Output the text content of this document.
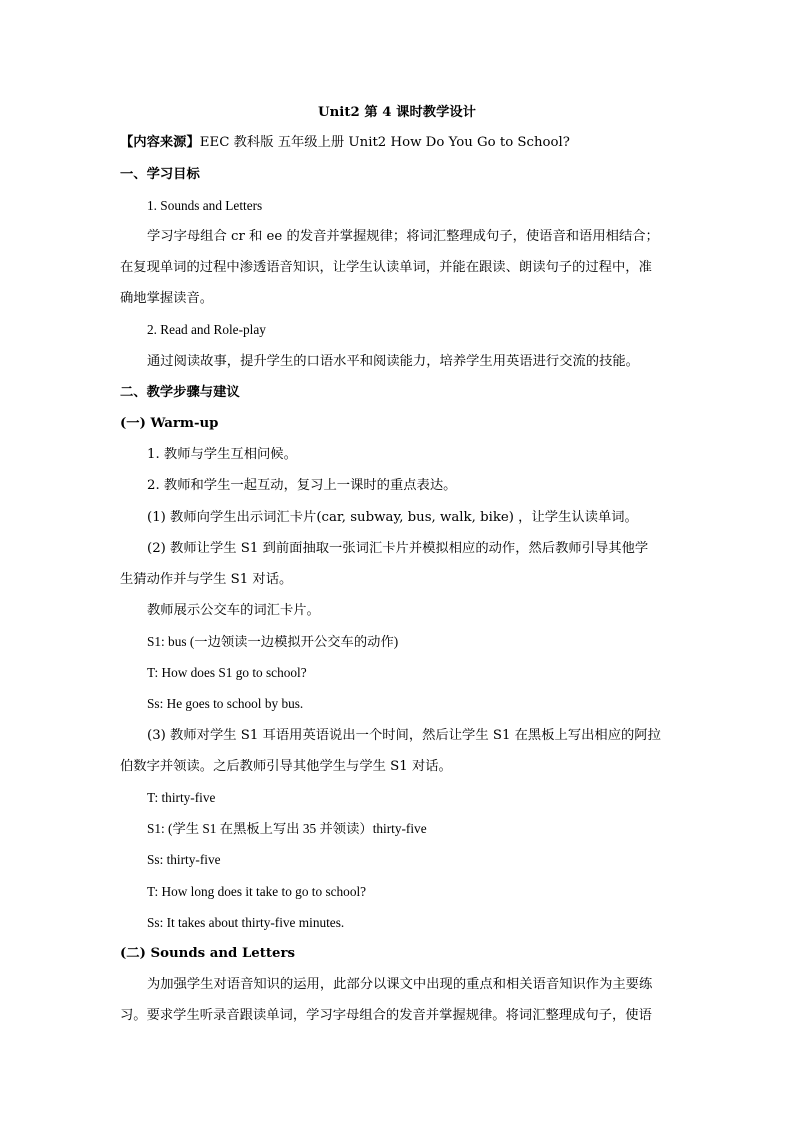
Unit2 第 4 课时教学设计
【内容来源】EEC 教科版 五年级上册 Unit2 How Do You Go to School?
一、学习目标
1. Sounds and Letters
学习字母组合 cr 和 ee 的发音并掌握规律；将词汇整理成句子，使语音和语用相结合；
在复现单词的过程中渗透语音知识，让学生认读单词，并能在跟读、朗读句子的过程中，准
确地掌握读音。
2. Read and Role-play
通过阅读故事，提升学生的口语水平和阅读能力，培养学生用英语进行交流的技能。
二、教学步骤与建议
(一) Warm-up
1. 教师与学生互相问候。
2. 教师和学生一起互动，复习上一课时的重点表达。
(1) 教师向学生出示词汇卡片(car, subway, bus, walk, bike) ，让学生认读单词。
(2) 教师让学生 S1 到前面抽取一张词汇卡片并模拟相应的动作，然后教师引导其他学
生猜动作并与学生 S1 对话。
教师展示公交车的词汇卡片。
S1: bus (一边领读一边模拟开公交车的动作)
T: How does S1 go to school?
Ss: He goes to school by bus.
(3) 教师对学生 S1 耳语用英语说出一个时间，然后让学生 S1 在黑板上写出相应的阿拉
伯数字并领读。之后教师引导其他学生与学生 S1 对话。
T: thirty-five
S1: (学生 S1 在黑板上写出 35 并领读）thirty-five
Ss: thirty-five
T: How long does it take to go to school?
Ss: It takes about thirty-five minutes.
(二) Sounds and Letters
为加强学生对语音知识的运用，此部分以课文中出现的重点和相关语音知识作为主要练
习。要求学生听录音跟读单词，学习字母组合的发音并掌握规律。将词汇整理成句子，使语
